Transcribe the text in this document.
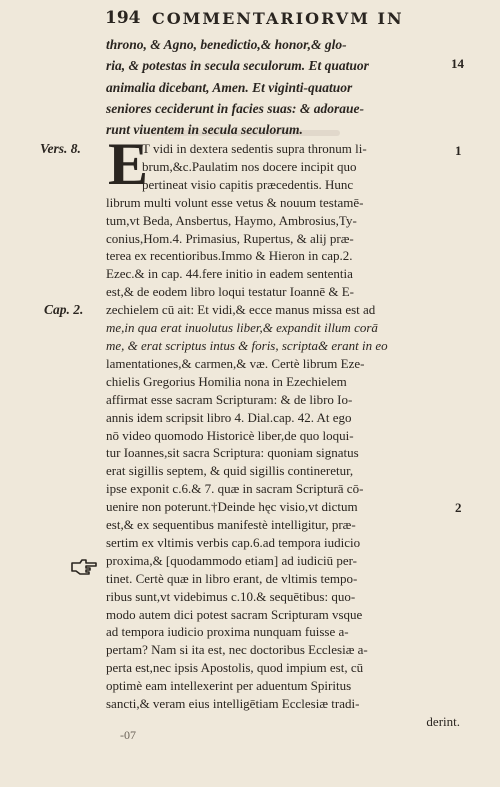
194 COMMENTARIORVM IN
throno, & Agno, benedictio,& honor,& glo-
ria, & potestas in secula seculorum. Et quatuor
animalia dicebant, Amen. Et viginti-quatuor
seniores ceciderunt in facies suas: & adoraue-
runt viuentem in secula seculorum.
Vers. 8.
Cap. 2.
14
1
2
E
T vidi in dextera sedentis supra thronum li-
brum,&c.Paulatim nos docere incipit quo
pertineat visio capitis præcedentis. Hunc
librum multi volunt esse vetus & nouum testamē-
tum,vt Beda, Ansbertus, Haymo, Ambrosius,Ty-
conius,Hom.4. Primasius, Rupertus, & alij præ-
terea ex recentioribus.Immo & Hieron in cap.2.
Ezec.& in cap. 44.fere initio in eadem sententia
est,& de eodem libro loqui testatur Ioannē & E-
zechielem cū ait: Et vidi,& ecce manus missa est ad
me,in qua erat inuolutus liber,& expandit illum corā
me, & erat scriptus intus & foris, scripta& erant in eo
lamentationes,& carmen,& væ. Certè librum Eze-
chielis Gregorius Homilia nona in Ezechielem
affirmat esse sacram Scripturam: & de libro Io-
annis idem scripsit libro 4. Dial.cap. 42. At ego
nō video quomodo Historicè liber,de quo loqui-
tur Ioannes,sit sacra Scriptura: quoniam signatus
erat sigillis septem, & quid sigillis contineretur,
ipse exponit c.6.& 7. quæ in sacram Scripturā cō-
uenire non poterunt.†Deinde hęc visio,vt dictum
est,& ex sequentibus manifestè intelligitur, præ-
sertim ex vltimis verbis cap.6.ad tempora iudicio
proxima,& [quodammodo etiam] ad iudiciū per-
tinet. Certè quæ in libro erant, de vltimis tempo-
ribus sunt,vt videbimus c.10.& sequētibus: quo-
modo autem dici potest sacram Scripturam vsque
ad tempora iudicio proxima nunquam fuisse a-
pertam? Nam si ita est, nec doctoribus Ecclesiæ a-
perta est,nec ipsis Apostolis, quod impium est, cū
optimè eam intellexerint per aduentum Spiritus
sancti,& veram eius intelligētiam Ecclesiæ tradi-
derint.
-07
